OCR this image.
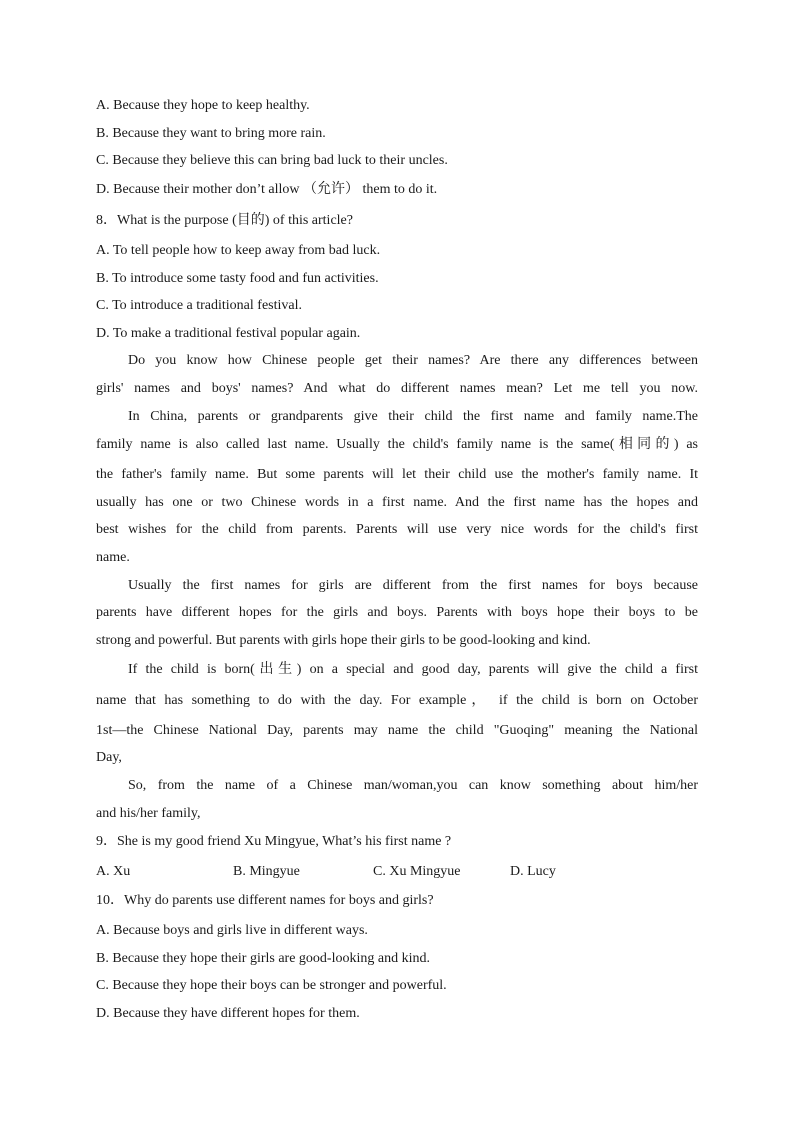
A. Because they hope to keep healthy.
B. Because they want to bring more rain.
C. Because they believe this can bring bad luck to their uncles.
D. Because their mother don’t allow （允许） them to do it.
8．What is the purpose (目的) of this article?
A. To tell people how to keep away from bad luck.
B. To introduce some tasty food and fun activities.
C. To introduce a traditional festival.
D. To make a traditional festival popular again.
Do you know how Chinese people get their names? Are there any differences between
girls' names and boys' names? And what do different names mean? Let me tell you now.
In China, parents or grandparents give their child the first name and family name.The
family name is also called last name. Usually the child's family name is the same(相同的) as
the father's family name. But some parents will let their child use the mother's family name. It
usually has one or two Chinese words in a first name. And the first name has the hopes and
best wishes for the child from parents. Parents will use very nice words for the child's first
name.
Usually the first names for girls are different from the first names for boys because
parents have different hopes for the girls and boys. Parents with boys hope their boys to be
strong and powerful. But parents with girls hope their girls to be good-looking and kind.
If the child is born(出生) on a special and good day, parents will give the child a first
name that has something to do with the day. For example， if the child is born on October
1st—the Chinese National Day, parents may name the child "Guoqing" meaning the National
Day,
So, from the name of a Chinese man/woman,you can know something about him/her
and his/her family,
9．She is my good friend Xu Mingyue, What’s his first name ?
A. Xu	B. Mingyue	C. Xu Mingyue	D. Lucy
10．Why do parents use different names for boys and girls?
A. Because boys and girls live in different ways.
B. Because they hope their girls are good-looking and kind.
C. Because they hope their boys can be stronger and powerful.
D. Because they have different hopes for them.
